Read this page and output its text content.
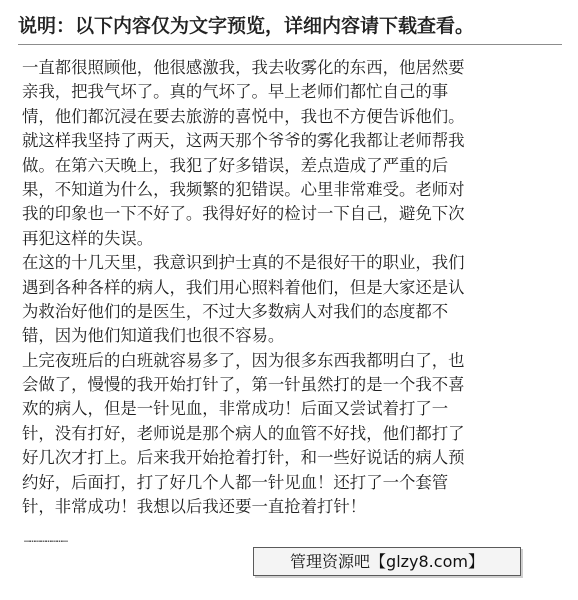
说明：以下内容仅为文字预览，详细内容请下载查看。
一直都很照顾他，他很感激我，我去收雾化的东西，他居然要
亲我，把我气坏了。真的气坏了。早上老师们都忙自己的事
情，他们都沉浸在要去旅游的喜悦中，我也不方便告诉他们。
就这样我坚持了两天，这两天那个爷爷的雾化我都让老师帮我
做。在第六天晚上，我犯了好多错误，差点造成了严重的后
果，不知道为什么，我频繁的犯错误。心里非常难受。老师对
我的印象也一下不好了。我得好好的检讨一下自己，避免下次
再犯这样的失误。
在这的十几天里，我意识到护士真的不是很好干的职业，我们
遇到各种各样的病人，我们用心照料着他们，但是大家还是认
为救治好他们的是医生，不过大多数病人对我们的态度都不
错，因为他们知道我们也很不容易。
上完夜班后的白班就容易多了，因为很多东西我都明白了，也
会做了，慢慢的我开始打针了，第一针虽然打的是一个我不喜
欢的病人，但是一针见血，非常成功！后面又尝试着打了一
针，没有打好，老师说是那个病人的血管不好找，他们都打了
好几次才打上。后来我开始抢着打针，和一些好说话的病人预
约好，后面打，打了好几个人都一针见血！还打了一个套管
针，非常成功！我想以后我还要一直抢着打针！
……………………
管理资源吧【glzy8.com】
